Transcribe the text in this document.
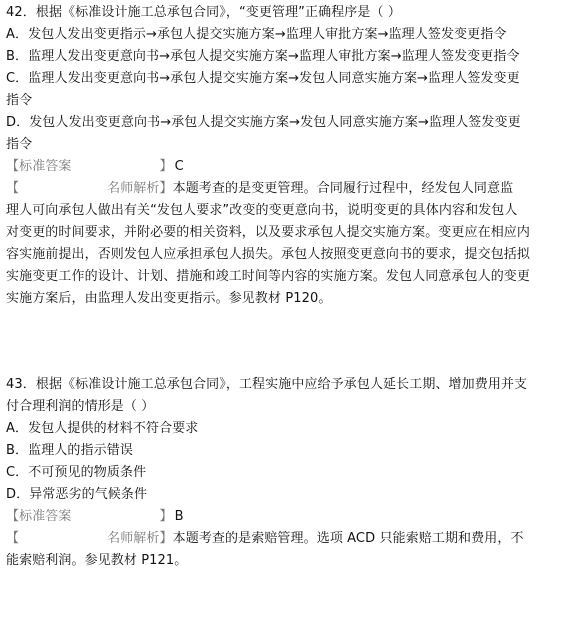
42．根据《标准设计施工总承包合同》，“变更管理”正确程序是（ ）
A．发包人发出变更指示→承包人提交实施方案→监理人审批方案→监理人签发变更指令
B．监理人发出变更意向书→承包人提交实施方案→监理人审批方案→监理人签发变更指令
C．监理人发出变更意向书→承包人提交实施方案→发包人同意实施方案→监理人签发变更
指令
D．发包人发出变更意向书→承包人提交实施方案→发包人同意实施方案→监理人签发变更
指令
【标准答案	】 C
【	名师解析】本题考查的是变更管理。合同履行过程中，经发包人同意监
理人可向承包人做出有关“发包人要求”改变的变更意向书，说明变更的具体内容和发包人
对变更的时间要求，并附必要的相关资料，以及要求承包人提交实施方案。变更应在相应内
容实施前提出，否则发包人应承担承包人损失。承包人按照变更意向书的要求，提交包括拟
实施变更工作的设计、计划、措施和竣工时间等内容的实施方案。发包人同意承包人的变更
实施方案后，由监理人发出变更指示。参见教材 P120。
43．根据《标准设计施工总承包合同》，工程实施中应给予承包人延长工期、增加费用并支
付合理利润的情形是（ ）
A．发包人提供的材料不符合要求
B．监理人的指示错误
C．不可预见的物质条件
D．异常恶劣的气候条件
【标准答案	】 B
【	名师解析】本题考查的是索赔管理。选项 ACD 只能索赔工期和费用，不
能索赔利润。参见教材 P121。
